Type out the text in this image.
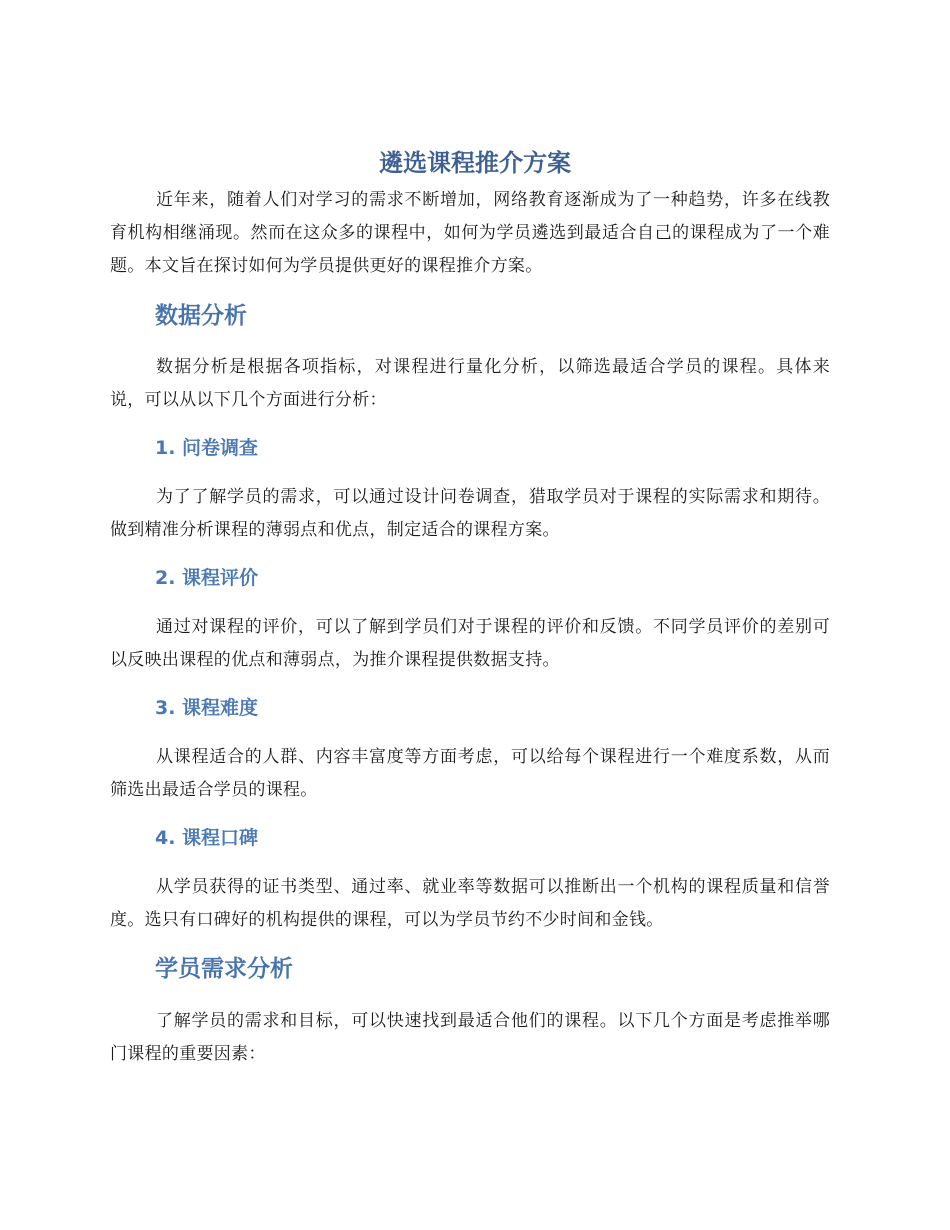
遴选课程推介方案

近年来，随着人们对学习的需求不断增加，网络教育逐渐成为了一种趋势，许多在线教育机构相继涌现。然而在这众多的课程中，如何为学员遴选到最适合自己的课程成为了一个难题。本文旨在探讨如何为学员提供更好的课程推介方案。

数据分析

数据分析是根据各项指标，对课程进行量化分析，以筛选最适合学员的课程。具体来说，可以从以下几个方面进行分析：

1. 问卷调查

为了了解学员的需求，可以通过设计问卷调查，猎取学员对于课程的实际需求和期待。做到精准分析课程的薄弱点和优点，制定适合的课程方案。

2. 课程评价

通过对课程的评价，可以了解到学员们对于课程的评价和反馈。不同学员评价的差别可以反映出课程的优点和薄弱点，为推介课程提供数据支持。

3. 课程难度

从课程适合的人群、内容丰富度等方面考虑，可以给每个课程进行一个难度系数，从而筛选出最适合学员的课程。

4. 课程口碑

从学员获得的证书类型、通过率、就业率等数据可以推断出一个机构的课程质量和信誉度。选只有口碑好的机构提供的课程，可以为学员节约不少时间和金钱。

学员需求分析

了解学员的需求和目标，可以快速找到最适合他们的课程。以下几个方面是考虑推举哪门课程的重要因素：
